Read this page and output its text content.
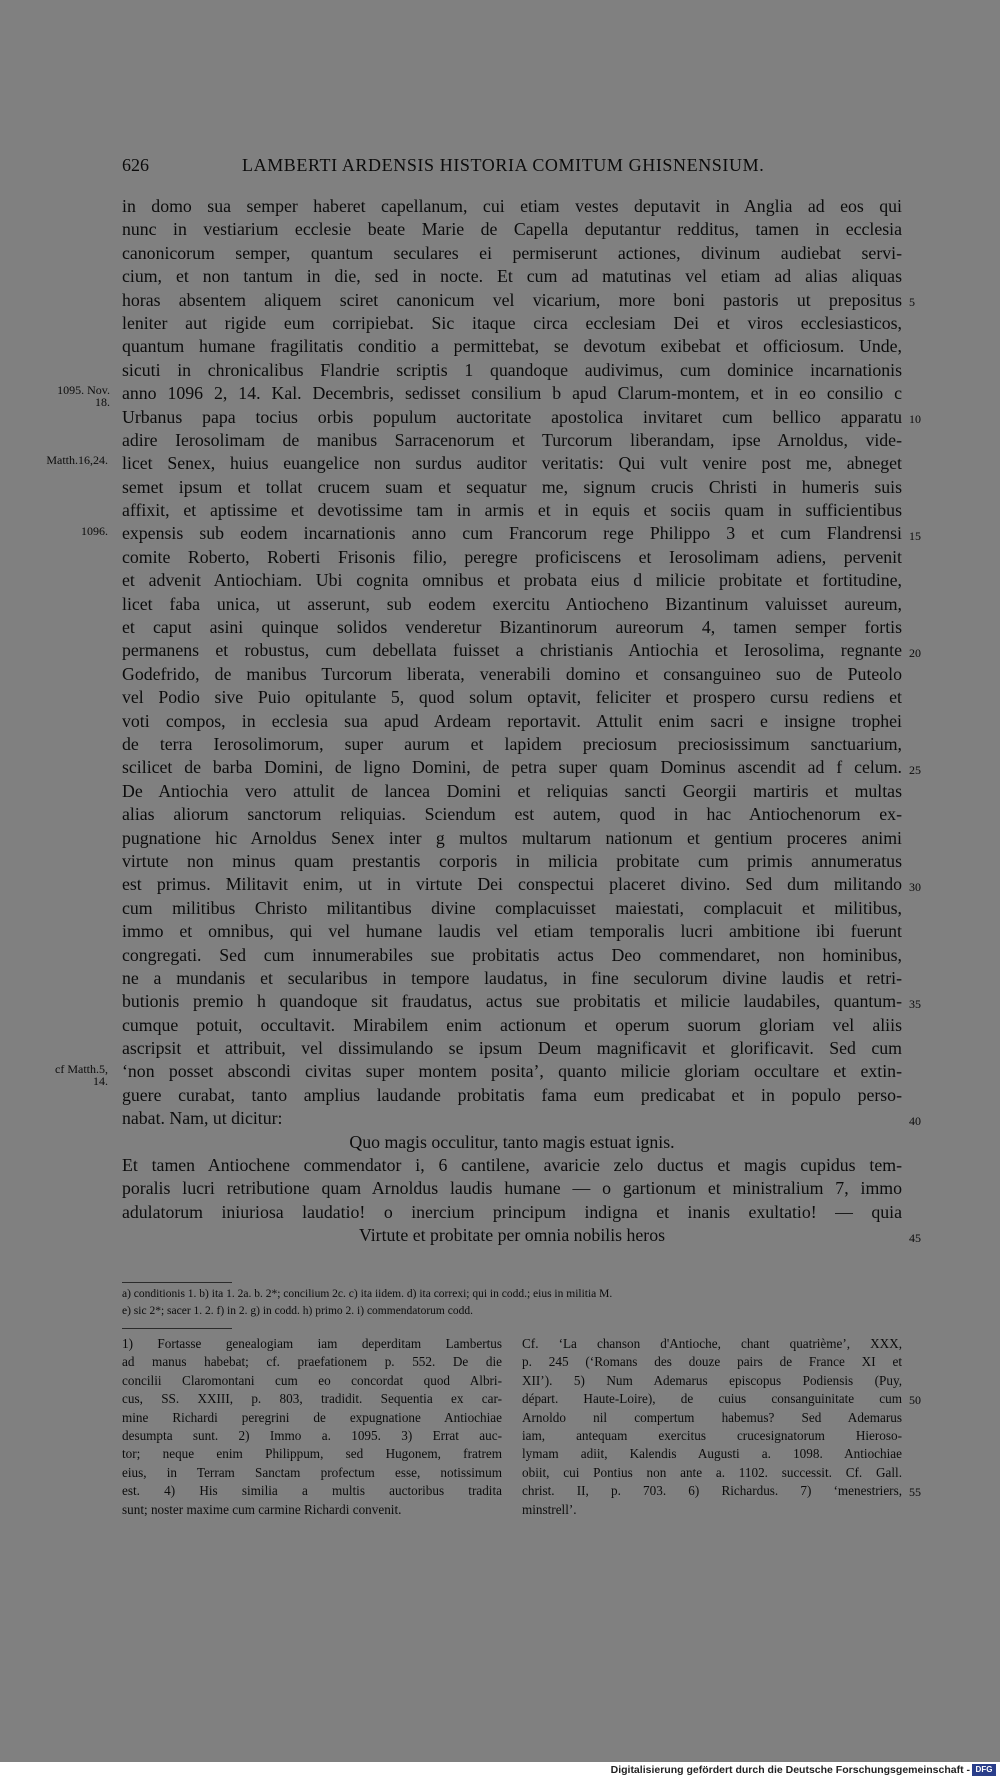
626	LAMBERTI ARDENSIS HISTORIA COMITUM GHISNENSIUM.
in domo sua semper haberet capellanum, cui etiam vestes deputavit in Anglia ad eos qui
nunc in vestiarium ecclesie beate Marie de Capella deputantur redditus, tamen in ecclesia
canonicorum semper, quantum seculares ei permiserunt actiones, divinum audiebat servi-
cium, et non tantum in die, sed in nocte. Et cum ad matutinas vel etiam ad alias aliquas
horas absentem aliquem sciret canonicum vel vicarium, more boni pastoris ut prepositus
leniter aut rigide eum corripiebat. Sic itaque circa ecclesiam Dei et viros ecclesiasticos,
quantum humane fragilitatis conditio a permittebat, se devotum exibebat et officiosum. Unde,
sicuti in chronicalibus Flandrie scriptis 1 quandoque audivimus, cum dominice incarnationis
anno 1096 2, 14. Kal. Decembris, sedisset consilium b apud Clarum-montem, et in eo consilio c
Urbanus papa tocius orbis populum auctoritate apostolica invitaret cum bellico apparatu
adire Ierosolimam de manibus Sarracenorum et Turcorum liberandam, ipse Arnoldus, vide-
licet Senex, huius euangelice non surdus auditor veritatis: Qui vult venire post me, abneget
semet ipsum et tollat crucem suam et sequatur me, signum crucis Christi in humeris suis
affixit, et aptissime et devotissime tam in armis et in equis et sociis quam in sufficientibus
expensis sub eodem incarnationis anno cum Francorum rege Philippo 3 et cum Flandrensi
comite Roberto, Roberti Frisonis filio, peregre proficiscens et Ierosolimam adiens, pervenit
et advenit Antiochiam. Ubi cognita omnibus et probata eius d milicie probitate et fortitudine,
licet faba unica, ut asserunt, sub eodem exercitu Antiocheno Bizantinum valuisset aureum,
et caput asini quinque solidos venderetur Bizantinorum aureorum 4, tamen semper fortis
permanens et robustus, cum debellata fuisset a christianis Antiochia et Ierosolima, regnante
Godefrido, de manibus Turcorum liberata, venerabili domino et consanguineo suo de Puteolo
vel Podio sive Puio opitulante 5, quod solum optavit, feliciter et prospero cursu rediens et
voti compos, in ecclesia sua apud Ardeam reportavit. Attulit enim sacri e insigne trophei
de terra Ierosolimorum, super aurum et lapidem preciosum preciosissimum sanctuarium,
scilicet de barba Domini, de ligno Domini, de petra super quam Dominus ascendit ad f celum.
De Antiochia vero attulit de lancea Domini et reliquias sancti Georgii martiris et multas
alias aliorum sanctorum reliquias. Sciendum est autem, quod in hac Antiochenorum ex-
pugnatione hic Arnoldus Senex inter g multos multarum nationum et gentium proceres animi
virtute non minus quam prestantis corporis in milicia probitate cum primis annumeratus
est primus. Militavit enim, ut in virtute Dei conspectui placeret divino. Sed dum militando
cum militibus Christo militantibus divine complacuisset maiestati, complacuit et militibus,
immo et omnibus, qui vel humane laudis vel etiam temporalis lucri ambitione ibi fuerunt
congregati. Sed cum innumerabiles sue probitatis actus Deo commendaret, non hominibus,
ne a mundanis et secularibus in tempore laudatus, in fine seculorum divine laudis et retri-
butionis premio h quandoque sit fraudatus, actus sue probitatis et milicie laudabiles, quantum-
cumque potuit, occultavit. Mirabilem enim actionum et operum suorum gloriam vel aliis
ascripsit et attribuit, vel dissimulando se ipsum Deum magnificavit et glorificavit. Sed cum
‘non posset abscondi civitas super montem posita’, quanto milicie gloriam occultare et extin-
guere curabat, tanto amplius laudande probitatis fama eum predicabat et in populo perso-
nabat. Nam, ut dicitur:
Quo magis occulitur, tanto magis estuat ignis.
Et tamen Antiochene commendator i, 6 cantilene, avaricie zelo ductus et magis cupidus tem-
poralis lucri retributione quam Arnoldus laudis humane — o gartionum et ministralium 7, immo
adulatorum iniuriosa laudatio! o inercium principum indigna et inanis exultatio! — quia
Virtute et probitate per omnia nobilis heros
5
10
15
20
25
30
35
40
45
50
55
1095. Nov. 18.
Matth.16,24.
1096.
cf Matth.5, 14.
a) conditionis 1. b) ita 1. 2a. b. 2*; concilium 2c. c) ita iidem. d) ita correxi; qui in codd.; eius in militia M.
e) sic 2*; sacer 1. 2. f) in 2. g) in codd. h) primo 2. i) commendatorum codd.
1) Fortasse genealogiam iam deperditam Lambertus
ad manus habebat; cf. praefationem p. 552. De die
concilii Claromontani cum eo concordat quod Albri-
cus, SS. XXIII, p. 803, tradidit. Sequentia ex car-
mine Richardi peregrini de expugnatione Antiochiae
desumpta sunt. 2) Immo a. 1095. 3) Errat auc-
tor; neque enim Philippum, sed Hugonem, fratrem
eius, in Terram Sanctam profectum esse, notissimum
est. 4) His similia a multis auctoribus tradita
sunt; noster maxime cum carmine Richardi convenit.
Cf. ‘La chanson d'Antioche, chant quatrième’, XXX,
p. 245 (‘Romans des douze pairs de France XI et
XII’). 5) Num Ademarus episcopus Podiensis (Puy,
départ. Haute-Loire), de cuius consanguinitate cum
Arnoldo nil compertum habemus? Sed Ademarus
iam, antequam exercitus crucesignatorum Hieroso-
lymam adiit, Kalendis Augusti a. 1098. Antiochiae
obiit, cui Pontius non ante a. 1102. successit. Cf. Gall.
christ. II, p. 703. 6) Richardus. 7) ‘menestriers,
minstrell’.
Digitalisierung gefördert durch die Deutsche Forschungsgemeinschaft - DFG
